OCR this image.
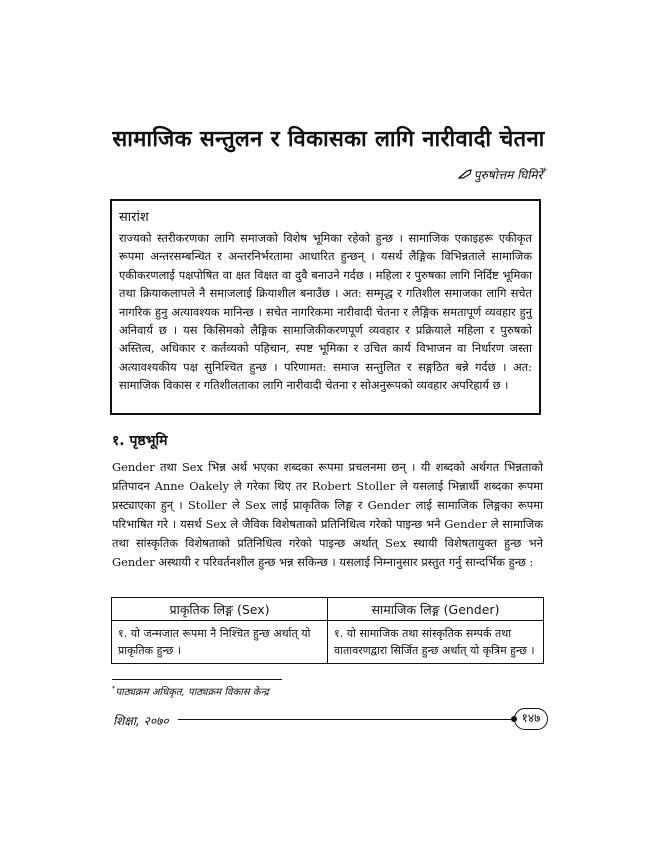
सामाजिक सन्तुलन र विकासका लागि नारीवादी चेतना
पुरुषोत्तम घिमिरे*
सारांश
राज्यको स्तरीकरणका लागि समाजको विशेष भूमिका रहेको हुन्छ । सामाजिक एकाइहरू एकीकृत रूपमा अन्तरसम्बन्धित र अन्तरनिर्भरतामा आधारित हुन्छन् । यसर्थ लैङ्गिक विभिन्नताले सामाजिक एकीकरणलाई पक्षपोषित वा क्षत विक्षत वा दुवै बनाउने गर्दछ । महिला र पुरुषका लागि निर्दिष्ट भूमिका तथा क्रियाकलापले नै समाजलाई क्रियाशील बनाउँछ । अत: सम्मृद्ध र गतिशील समाजका लागि सचेत नागरिक हुनु अत्यावश्यक मानिन्छ । सचेत नागरिकमा नारीवादी चेतना र लैङ्गिक समतापूर्ण व्यवहार हुनु अनिवार्य छ । यस किसिमको लैङ्गिक सामाजिकीकरणपूर्ण व्यवहार र प्रक्रियाले महिला र पुरुषको अस्तित्व, अधिकार र कर्तव्यको पहिचान, स्पष्ट भूमिका र उचित कार्य विभाजन वा निर्धारण जस्ता अत्यावश्यकीय पक्ष सुनिश्चित हुन्छ । परिणामत: समाज सन्तुलित र सङ्गठित बन्ने गर्दछ । अत: सामाजिक विकास र गतिशीलताका लागि नारीवादी चेतना र सोअनुरूपको व्यवहार अपरिहार्य छ ।
१. पृष्ठभूमि
Gender तथा Sex भिन्न अर्थ भएका शब्दका रूपमा प्रचलनमा छन् । यी शब्दको अर्थगत भिन्नताको प्रतिपादन Anne Oakely ले गरेका थिए तर Robert Stoller ले यसलाई भिन्नार्थी शब्दका रूपमा प्रस्ट्याएका हुन् । Stoller ले Sex लाई प्राकृतिक लिङ्ग र Gender लाई सामाजिक लिङ्गका रूपमा परिभाषित गरे । यसर्थ Sex ले जैविक विशेषताको प्रतिनिधित्व गरेको पाइन्छ भने Gender ले सामाजिक तथा सांस्कृतिक विशेषताको प्रतिनिधित्व गरेको पाइन्छ अर्थात् Sex स्थायी विशेषतायुक्त हुन्छ भने Gender अस्थायी र परिवर्तनशील हुन्छ भन्न सकिन्छ । यसलाई निम्नानुसार प्रस्तुत गर्नु सान्दर्भिक हुन्छ :
प्राकृतिक लिङ्ग (Sex)	सामाजिक लिङ्ग (Gender)
१. यो जन्मजात रूपमा नै निश्चित हुन्छ अर्थात् यो प्राकृतिक हुन्छ ।	१. यो सामाजिक तथा सांस्कृतिक सम्पर्क तथा वातावरणद्वारा सिर्जित हुन्छ अर्थात् यो कृत्रिम हुन्छ ।
*पाठ्यक्रम अधिकृत, पाठ्यक्रम विकास केन्द्र
शिक्षा, २०७०	१४७
